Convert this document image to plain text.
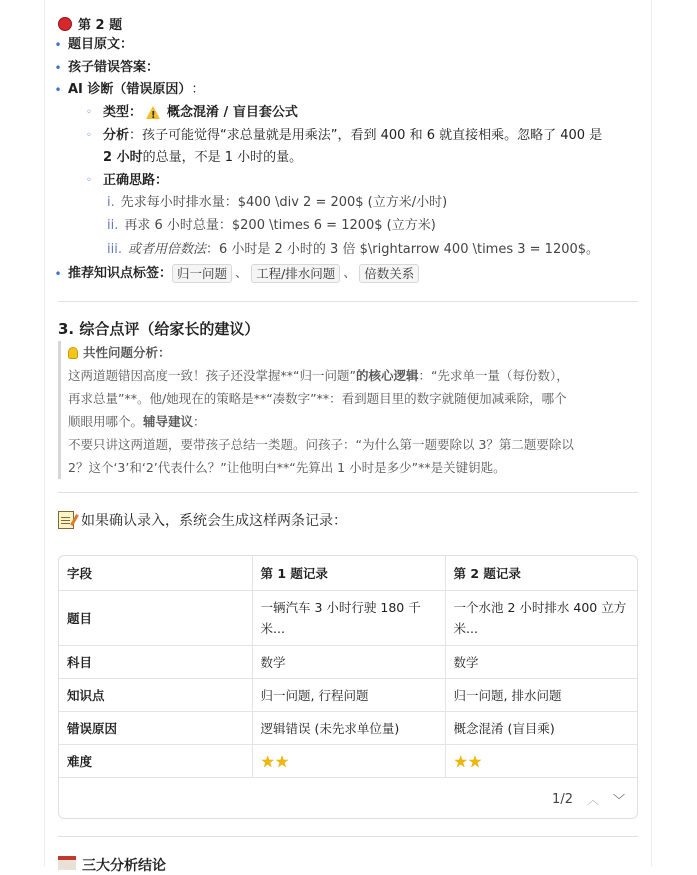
第 2 题
• 题目原文 ：
• 孩子错误答案 ：
• AI 诊断（错误原因） ：
◦ 类型 ： ! 概念混淆 / 盲目套公式
◦ 分析 ： 孩子可能觉得“求总量就是用乘法”，看到 400 和 6 就直接相乘。忽略了 400 是
2 小时 的总量，不是 1 小时的量。
◦ 正确思路 ：
i. 先求每小时排水量：$400 \div 2 = 200$ (立方米/小时)
ii. 再求 6 小时总量：$200 \times 6 = 1200$ (立方米)
iii. 或者用倍数法 ：6 小时是 2 小时的 3 倍 $\rightarrow 400 \times 3 = 1200$。
• 推荐知识点标签 ： 归一问题 、 工程/排水问题 、 倍数关系
3. 综合点评（给家长的建议）
共性问题分析：
这两道题错因高度一致！孩子还没掌握**“归一问题”的核心逻辑：“先求单一量（每份数），
再求总量”**。他/她现在的策略是**“凑数字”**：看到题目里的数字就随便加减乘除，哪个
顺眼用哪个。辅导建议：
不要只讲这两道题，要带孩子总结一类题。问孩子：“为什么第一题要除以 3？第二题要除以
2？这个‘3’和‘2’代表什么？”让他明白**“先算出 1 小时是多少”**是关键钥匙。
如果确认录入，系统会生成这样两条记录：
字段	第 1 题记录	第 2 题记录
题目	一辆汽车 3 小时行驶 180 千米...	一个水池 2 小时排水 400 立方米...
科目	数学	数学
知识点	归一问题, 行程问题	归一问题, 排水问题
错误原因	逻辑错误 (未先求单位量)	概念混淆 (盲目乘)
难度	★★	★★
1/2 ︿ ﹀
三大分析结论
